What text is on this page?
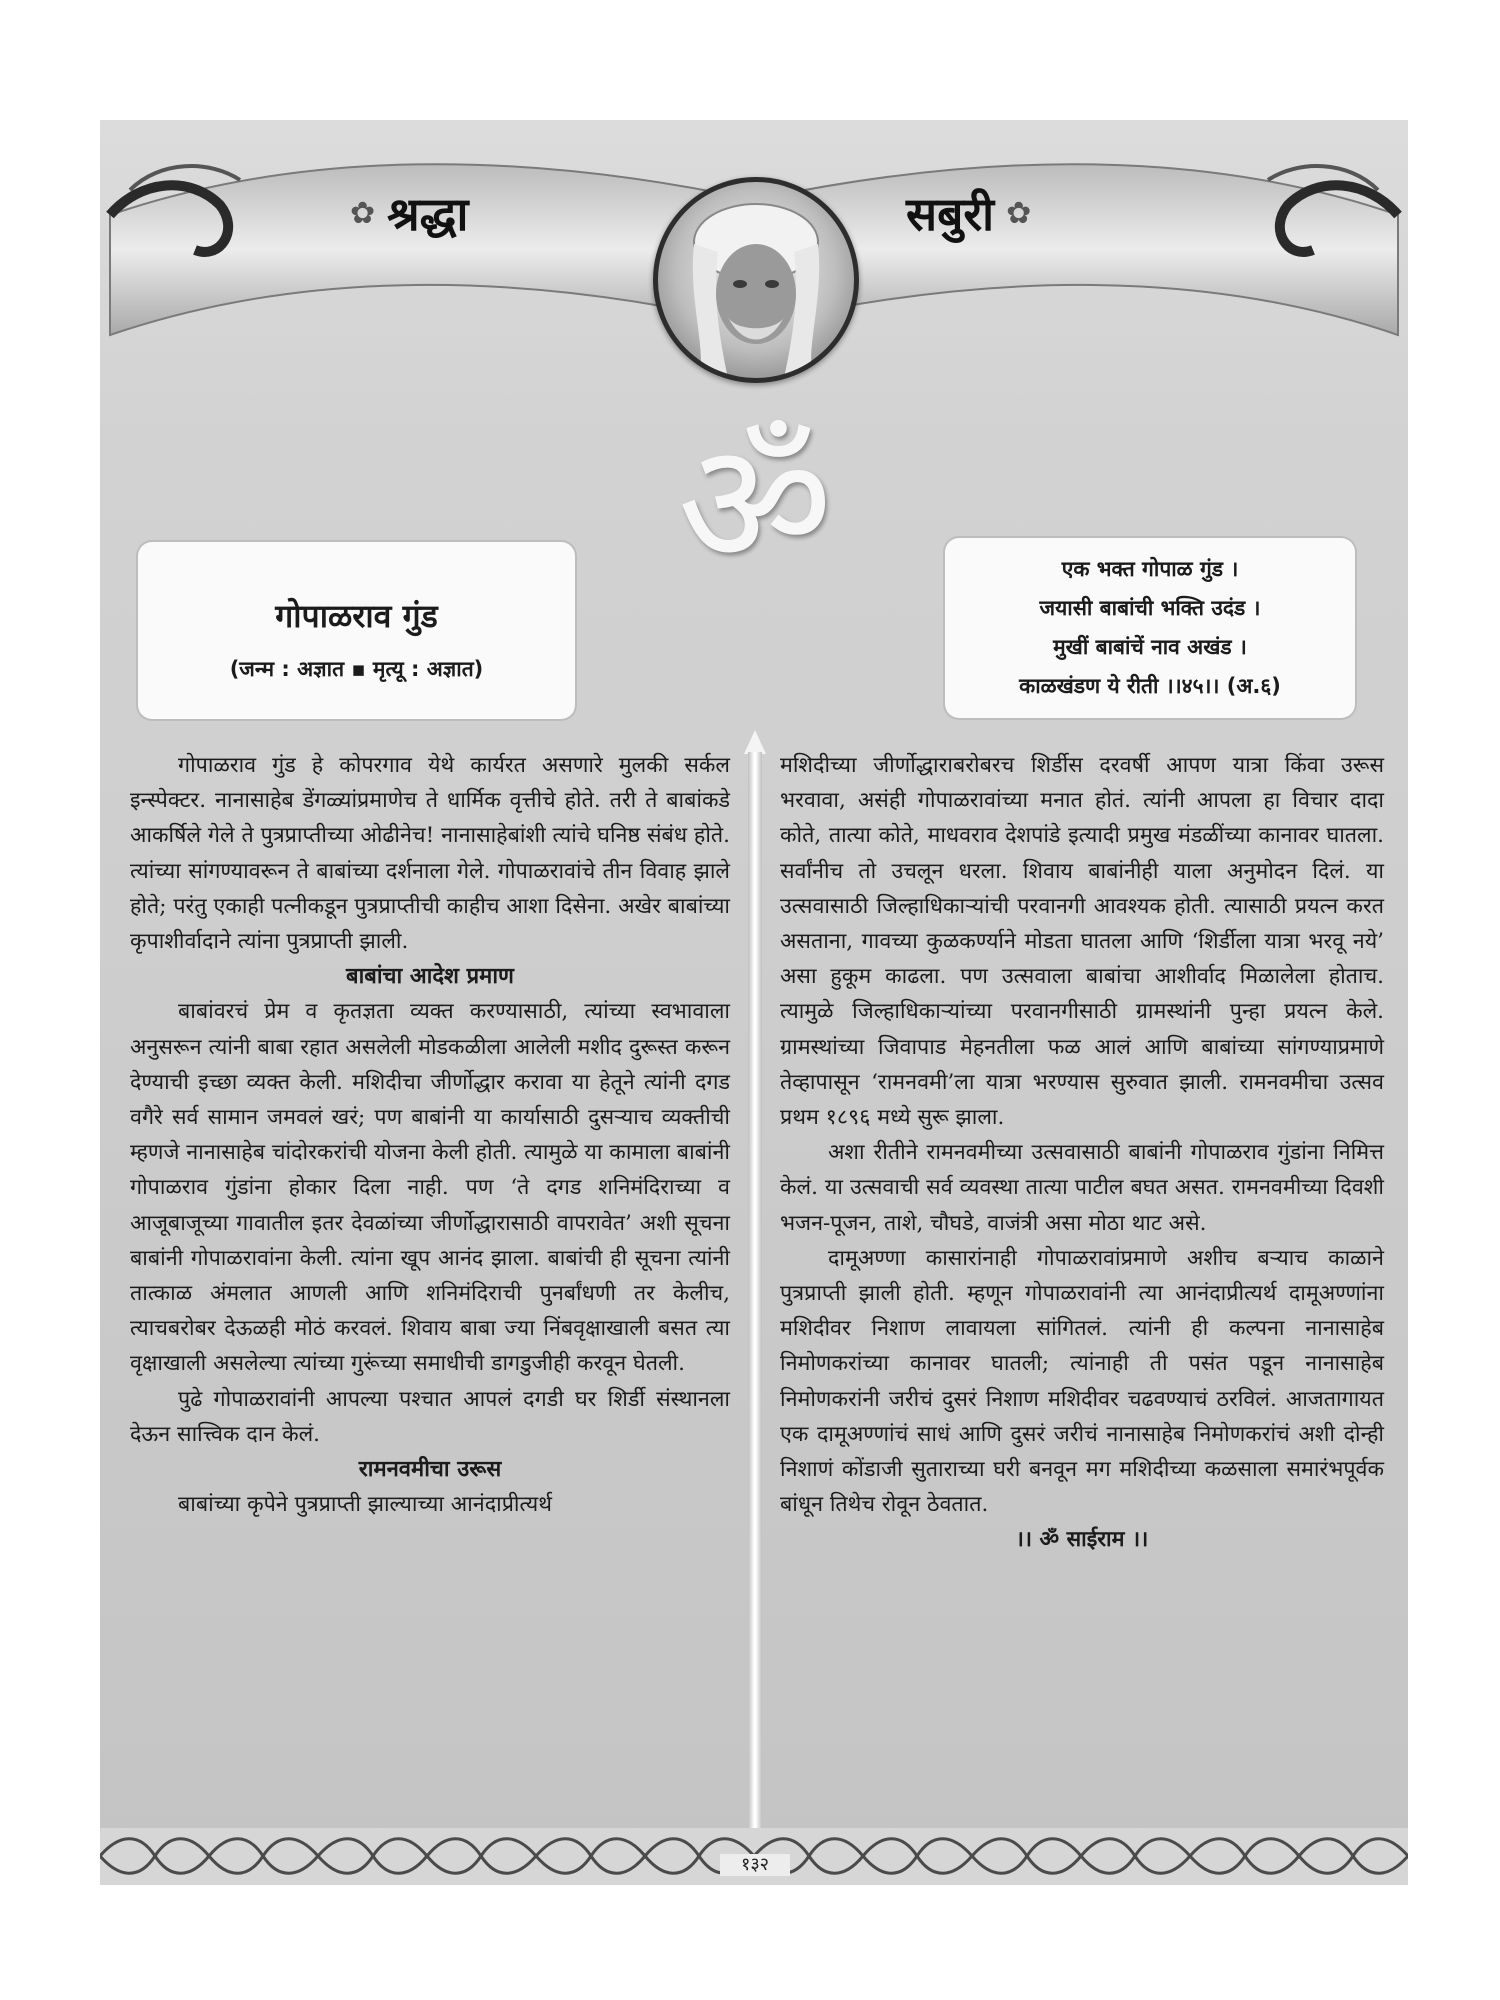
✿ श्रद्धा	सबुरी ✿
ॐ
गोपाळराव गुंड
(जन्म : अज्ञात ▪ मृत्यू : अज्ञात)
एक भक्त गोपाळ गुंड ।
जयासी बाबांची भक्ति उदंड ।
मुखीं बाबांचें नाव अखंड ।
काळखंडण ये रीती ।।४५।। (अ.६)

गोपाळराव गुंड हे कोपरगाव येथे कार्यरत असणारे मुलकी सर्कल इन्स्पेक्टर. नानासाहेब डेंगळ्यांप्रमाणेच ते धार्मिक वृत्तीचे होते. तरी ते बाबांकडे आकर्षिले गेले ते पुत्रप्राप्तीच्या ओढीनेच! नानासाहेबांशी त्यांचे घनिष्ठ संबंध होते. त्यांच्या सांगण्यावरून ते बाबांच्या दर्शनाला गेले. गोपाळरावांचे तीन विवाह झाले होते; परंतु एकाही पत्नीकडून पुत्रप्राप्तीची काहीच आशा दिसेना. अखेर बाबांच्या कृपाशीर्वादाने त्यांना पुत्रप्राप्ती झाली.

बाबांचा आदेश प्रमाण

बाबांवरचं प्रेम व कृतज्ञता व्यक्त करण्यासाठी, त्यांच्या स्वभावाला अनुसरून त्यांनी बाबा रहात असलेली मोडकळीला आलेली मशीद दुरूस्त करून देण्याची इच्छा व्यक्त केली. मशिदीचा जीर्णोद्धार करावा या हेतूने त्यांनी दगड वगैरे सर्व सामान जमवलं खरं; पण बाबांनी या कार्यासाठी दुसऱ्याच व्यक्तीची म्हणजे नानासाहेब चांदोरकरांची योजना केली होती. त्यामुळे या कामाला बाबांनी गोपाळराव गुंडांना होकार दिला नाही. पण ‘ते दगड शनिमंदिराच्या व आजूबाजूच्या गावातील इतर देवळांच्या जीर्णोद्धारासाठी वापरावेत’ अशी सूचना बाबांनी गोपाळरावांना केली. त्यांना खूप आनंद झाला. बाबांची ही सूचना त्यांनी तात्काळ अंमलात आणली आणि शनिमंदिराची पुनर्बांधणी तर केलीच, त्याचबरोबर देऊळही मोठं करवलं. शिवाय बाबा ज्या निंबवृक्षाखाली बसत त्या वृक्षाखाली असलेल्या त्यांच्या गुरूंच्या समाधीची डागडुजीही करवून घेतली.

पुढे गोपाळरावांनी आपल्या पश्चात आपलं दगडी घर शिर्डी संस्थानला देऊन सात्त्विक दान केलं.

रामनवमीचा उरूस

बाबांच्या कृपेने पुत्रप्राप्ती झाल्याच्या आनंदाप्रीत्यर्थ

मशिदीच्या जीर्णोद्धाराबरोबरच शिर्डीस दरवर्षी आपण यात्रा किंवा उरूस भरवावा, असंही गोपाळरावांच्या मनात होतं. त्यांनी आपला हा विचार दादा कोते, तात्या कोते, माधवराव देशपांडे इत्यादी प्रमुख मंडळींच्या कानावर घातला. सर्वांनीच तो उचलून धरला. शिवाय बाबांनीही याला अनुमोदन दिलं. या उत्सवासाठी जिल्हाधिकाऱ्यांची परवानगी आवश्यक होती. त्यासाठी प्रयत्न करत असताना, गावच्या कुळकर्ण्याने मोडता घातला आणि ‘शिर्डीला यात्रा भरवू नये’ असा हुकूम काढला. पण उत्सवाला बाबांचा आशीर्वाद मिळालेला होताच. त्यामुळे जिल्हाधिकाऱ्यांच्या परवानगीसाठी ग्रामस्थांनी पुन्हा प्रयत्न केले. ग्रामस्थांच्या जिवापाड मेहनतीला फळ आलं आणि बाबांच्या सांगण्याप्रमाणे तेव्हापासून ‘रामनवमी’ला यात्रा भरण्यास सुरुवात झाली. रामनवमीचा उत्सव प्रथम १८९६ मध्ये सुरू झाला.

अशा रीतीने रामनवमीच्या उत्सवासाठी बाबांनी गोपाळराव गुंडांना निमित्त केलं. या उत्सवाची सर्व व्यवस्था तात्या पाटील बघत असत. रामनवमीच्या दिवशी भजन-पूजन, ताशे, चौघडे, वाजंत्री असा मोठा थाट असे.

दामूअण्णा कासारांनाही गोपाळरावांप्रमाणे अशीच बऱ्याच काळाने पुत्रप्राप्ती झाली होती. म्हणून गोपाळरावांनी त्या आनंदाप्रीत्यर्थ दामूअण्णांना मशिदीवर निशाण लावायला सांगितलं. त्यांनी ही कल्पना नानासाहेब निमोणकरांच्या कानावर घातली; त्यांनाही ती पसंत पडून नानासाहेब निमोणकरांनी जरीचं दुसरं निशाण मशिदीवर चढवण्याचं ठरविलं. आजतागायत एक दामूअण्णांचं साधं आणि दुसरं जरीचं नानासाहेब निमोणकरांचं अशी दोन्ही निशाणं कोंडाजी सुताराच्या घरी बनवून मग मशिदीच्या कळसाला समारंभपूर्वक बांधून तिथेच रोवून ठेवतात.

।। ॐ साईराम ।।

१३२
